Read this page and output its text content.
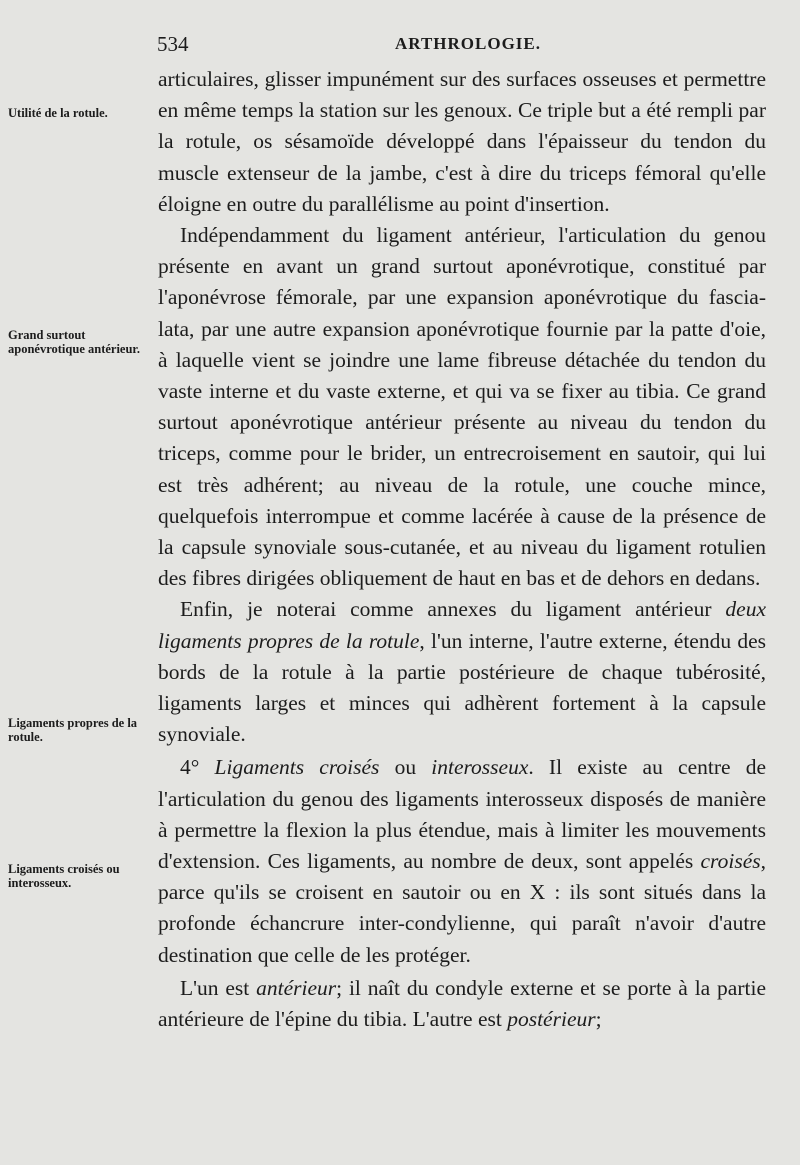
534	ARTHROLOGIE.
Utilité de la rotule.
Grand surtout aponévrotique antérieur.
Ligaments propres de la rotule.
Ligaments croisés ou interosseux.

articulaires, glisser impunément sur des surfaces osseuses et permettre en même temps la station sur les genoux. Ce triple but a été rempli par la rotule, os sésamoïde développé dans l'épaisseur du tendon du muscle extenseur de la jambe, c'est à dire du triceps fémoral qu'elle éloigne en outre du parallélisme au point d'insertion.

Indépendamment du ligament antérieur, l'articulation du genou présente en avant un grand surtout aponévrotique, constitué par l'aponévrose fémorale, par une expansion aponévrotique du fascia-lata, par une autre expansion aponévrotique fournie par la patte d'oie, à laquelle vient se joindre une lame fibreuse détachée du tendon du vaste interne et du vaste externe, et qui va se fixer au tibia. Ce grand surtout aponévrotique antérieur présente au niveau du tendon du triceps, comme pour le brider, un entrecroisement en sautoir, qui lui est très adhérent; au niveau de la rotule, une couche mince, quelquefois interrompue et comme lacérée à cause de la présence de la capsule synoviale sous-cutanée, et au niveau du ligament rotulien des fibres dirigées obliquement de haut en bas et de dehors en dedans.

Enfin, je noterai comme annexes du ligament antérieur deux ligaments propres de la rotule, l'un interne, l'autre externe, étendu des bords de la rotule à la partie postérieure de chaque tubérosité, ligaments larges et minces qui adhèrent fortement à la capsule synoviale.

4° Ligaments croisés ou interosseux. Il existe au centre de l'articulation du genou des ligaments interosseux disposés de manière à permettre la flexion la plus étendue, mais à limiter les mouvements d'extension. Ces ligaments, au nombre de deux, sont appelés croisés, parce qu'ils se croisent en sautoir ou en X : ils sont situés dans la profonde échancrure inter-condylienne, qui paraît n'avoir d'autre destination que celle de les protéger.

L'un est antérieur; il naît du condyle externe et se porte à la partie antérieure de l'épine du tibia. L'autre est postérieur;
